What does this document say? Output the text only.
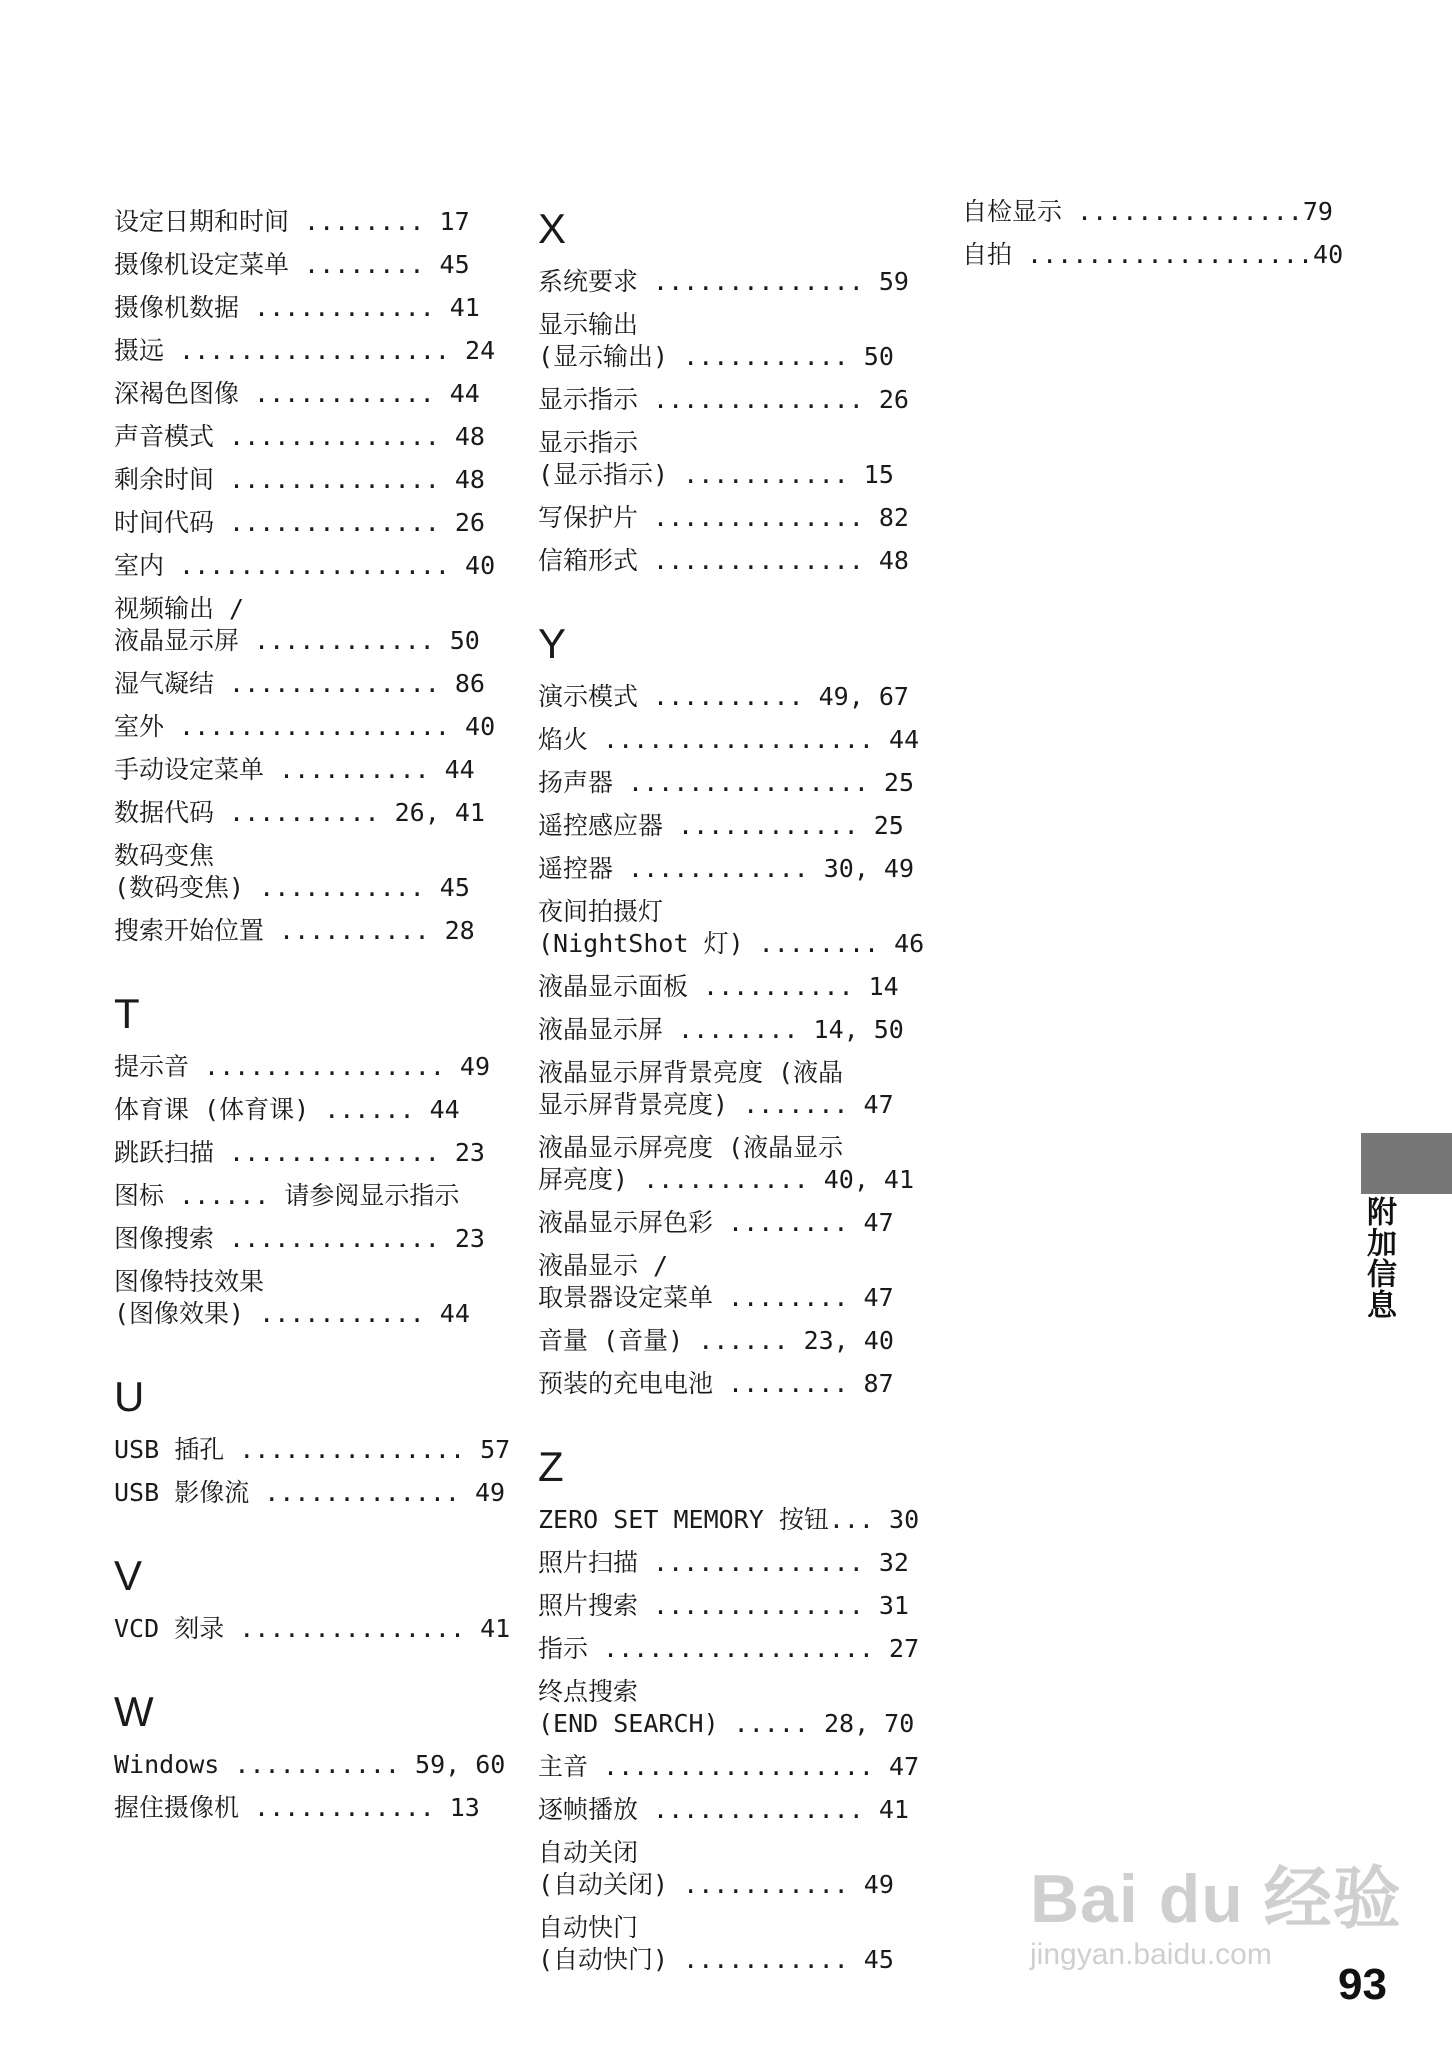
设定日期和时间 ........ 17
摄像机设定菜单 ........ 45
摄像机数据 ............ 41
摄远 .................. 24
深褐色图像 ............ 44
声音模式 .............. 48
剩余时间 .............. 48
时间代码 .............. 26
室内 .................. 40
视频输出 /
液晶显示屏 ............ 50
湿气凝结 .............. 86
室外 .................. 40
手动设定菜单 .......... 44
数据代码 .......... 26, 41
数码变焦
(数码变焦) ........... 45
搜索开始位置 .......... 28
T
提示音 ................ 49
体育课 (体育课) ...... 44
跳跃扫描 .............. 23
图标 ...... 请参阅显示指示
图像搜索 .............. 23
图像特技效果
(图像效果) ........... 44
U
USB 插孔 ............... 57
USB 影像流 ............. 49
V
VCD 刻录 ............... 41
W
Windows ........... 59, 60
握住摄像机 ............ 13
X
系统要求 .............. 59
显示输出
(显示输出) ........... 50
显示指示 .............. 26
显示指示
(显示指示) ........... 15
写保护片 .............. 82
信箱形式 .............. 48
Y
演示模式 .......... 49, 67
焰火 .................. 44
扬声器 ................ 25
遥控感应器 ............ 25
遥控器 ............ 30, 49
夜间拍摄灯
(NightShot 灯) ........ 46
液晶显示面板 .......... 14
液晶显示屏 ........ 14, 50
液晶显示屏背景亮度 (液晶
显示屏背景亮度) ....... 47
液晶显示屏亮度 (液晶显示
屏亮度) ........... 40, 41
液晶显示屏色彩 ........ 47
液晶显示 /
取景器设定菜单 ........ 47
音量 (音量) ...... 23, 40
预装的充电电池 ........ 87
Z
ZERO SET MEMORY 按钮... 30
照片扫描 .............. 32
照片搜索 .............. 31
指示 .................. 27
终点搜索
(END SEARCH) ..... 28, 70
主音 .................. 47
逐帧播放 .............. 41
自动关闭
(自动关闭) ........... 49
自动快门
(自动快门) ........... 45
自检显示 ...............79
自拍 ...................40
附加信息
Bai du 经验
jingyan.baidu.com
93
